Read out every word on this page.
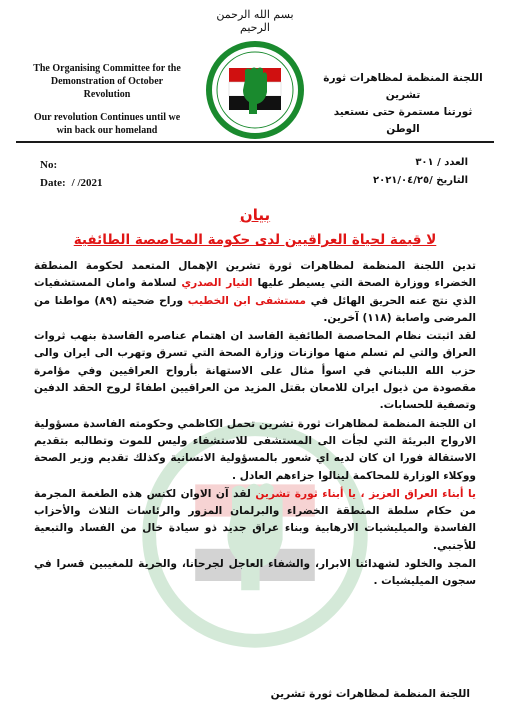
بسم الله الرحمن الرحيم
The Organising Committee for the
Demonstration of October
Revolution
Our revolution Continues until we
win back our homeland
اللجنة المنظمة لمظاهرات ثورة تشرين
ثورتنا مستمرة حتى نستعيد الوطن
No:
Date: / /2021
العدد / ٣٠١
التاريخ /٢٠٢١/٠٤/٢٥
بيان
لا قيمة لحياة العراقيين لدى حكومة المحاصصة الطائفية

تدين اللجنة المنظمة لمظاهرات ثورة تشرين الإهمال المتعمد لحكومة المنطقة الخضراء ووزارة الصحة التي يسيطر عليها التيار الصدري لسلامة وامان المستشفيات الذي نتج عنه الحريق الهائل في مستشفى ابن الخطيب وراح ضحيته (٨٩) مواطنا من المرضى واصابة (١١٨) آخرين.

لقد اثبتت نظام المحاصصة الطائفية الفاسد ان اهتمام عناصره الفاسدة بنهب ثروات العراق والتي لم تسلم منها موازنات وزارة الصحة التي تسرق وتهرب الى ايران والى حزب الله اللبناني في اسوأ مثال على الاستهانة بأرواح العراقيين وفي مؤامرة مقصودة من ذيول ايران للامعان بقتل المزيد من العراقيين اطفاءً لروح الحقد الدفين وتصفية للحسابات.

ان اللجنة المنظمة لمظاهرات ثورة تشرين تحمل الكاظمي وحكومته الفاسدة مسؤولية الارواح البريئة التي لجأت الى المستشفى للاستشفاء وليس للموت وتطالبه بتقديم الاستقالة فورا ان كان لديه اي شعور بالمسؤولية الانسانية وكذلك تقديم وزير الصحة ووكلاء الوزارة للمحاكمة لينالوا جزاءهم العادل .

يا أبناء العراق العزيز ، يا أبناء ثورة تشرين لقد آن الاوان لكنس هذه الطغمة المجرمة من حكام سلطة المنطقة الخضراء والبرلمان المزور والرئاسات الثلاث والأحزاب الفاسدة والميليشيات الارهابية وبناء عراق جديد ذو سيادة خال من الفساد والتبعية للأجنبي.

المجد والخلود لشهدائنا الابرار، والشفاء العاجل لجرحانا، والحرية للمغيبين قسرا في سجون الميليشيات .

اللجنة المنظمة لمظاهرات ثورة تشرين
